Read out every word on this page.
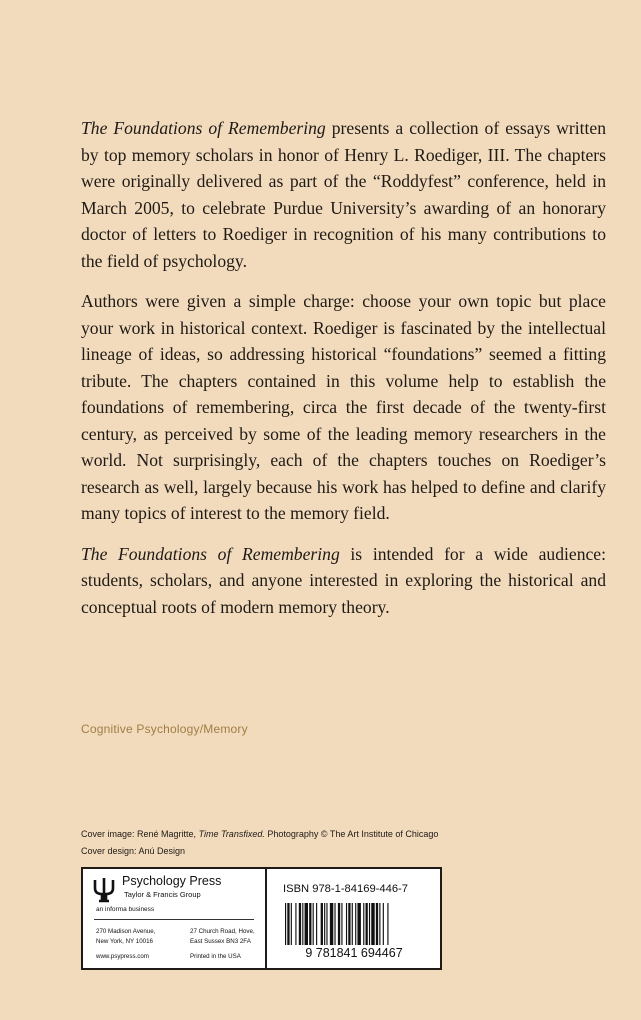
The Foundations of Remembering presents a collection of essays written by top memory scholars in honor of Henry L. Roediger, III. The chapters were originally delivered as part of the “Roddyfest” conference, held in March 2005, to celebrate Purdue University’s awarding of an honorary doctor of letters to Roediger in recognition of his many contributions to the field of psychology.

Authors were given a simple charge: choose your own topic but place your work in historical context. Roediger is fascinated by the intellectual lineage of ideas, so addressing historical “foundations” seemed a fitting tribute. The chapters contained in this volume help to establish the foundations of remembering, circa the first decade of the twenty-first century, as perceived by some of the leading memory researchers in the world. Not surprisingly, each of the chapters touches on Roediger’s research as well, largely because his work has helped to define and clarify many topics of interest to the memory field.

The Foundations of Remembering is intended for a wide audience: students, scholars, and anyone interested in exploring the historical and conceptual roots of modern memory theory.

Cognitive Psychology/Memory
Cover image: René Magritte, Time Transfixed. Photography © The Art Institute of Chicago
Cover design: Anú Design
Psychology Press
Taylor & Francis Group
an informa business
270 Madison Avenue,
New York, NY 10016
27 Church Road, Hove,
East Sussex BN3 2FA
www.psypress.com	Printed in the USA
ISBN 978-1-84169-446-7
9 781841 694467
